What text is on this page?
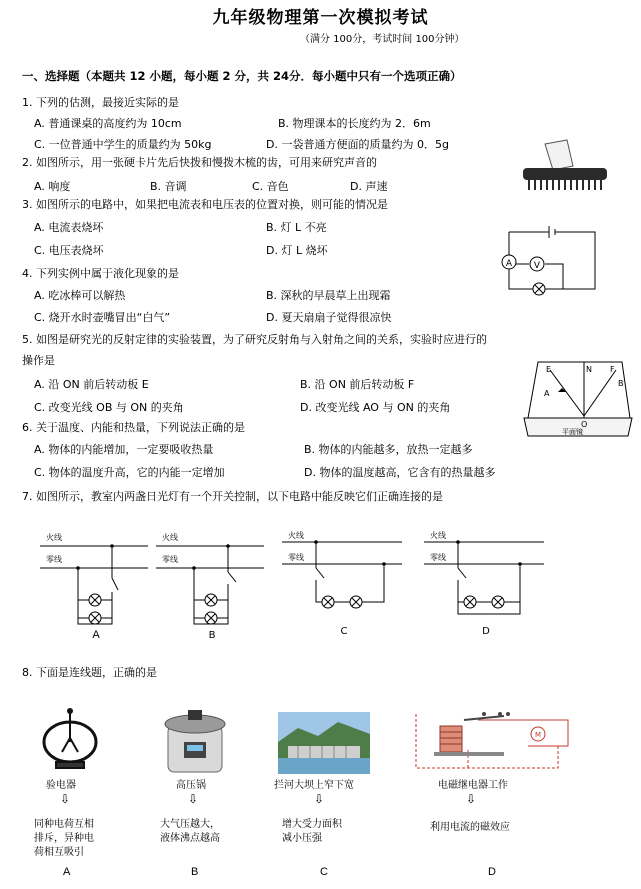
九年级物理第一次模拟考试
（满分 100分，考试时间 100分钟）
一、选择题（本题共 12 小题，每小题 2 分，共 24分．每小题中只有一个选项正确）
1. 下列的估测，最接近实际的是
A. 普通课桌的高度约为 10cm	B. 物理课本的长度约为 2．6m
C. 一位普通中学生的质量约为 50kg	D. 一袋普通方便面的质量约为 0．5g
2. 如图所示，用一张硬卡片先后快拨和慢拨木梳的齿，可用来研究声音的
A. 响度	B. 音调	C. 音色	D. 声速
3. 如图所示的电路中，如果把电流表和电压表的位置对换，则可能的情况是
A. 电流表烧坏	B. 灯 L 不亮
C. 电压表烧坏	D. 灯 L 烧坏
A V
4. 下列实例中属于液化现象的是
A. 吃冰棒可以解热	B. 深秋的早晨草上出现霜
C. 烧开水时壶嘴冒出“白气”	D. 夏天扇扇子觉得很凉快
5. 如图是研究光的反射定律的实验装置，为了研究反射角与入射角之间的关系，实验时应进行的
操作是
A. 沿 ON 前后转动板 E	B. 沿 ON 前后转动板 F
C. 改变光线 OB 与 ON 的夹角	D. 改变光线 AO 与 ON 的夹角
E	N F
A
B
O
平面镜
6. 关于温度、内能和热量，下列说法正确的是
A. 物体的内能增加，一定要吸收热量	B. 物体的内能越多，放热一定越多
C. 物体的温度升高，它的内能一定增加	D. 物体的温度越高，它含有的热量越多
7. 如图所示，教室内两盏日光灯有一个开关控制，以下电路中能反映它们正确连接的是
火线
零线
A
火线
零线
B
火线
零线
C
火线
零线
D
8. 下面是连线题，正确的是
验电器
⇩
同种电荷互相
排斥，异种电
荷相互吸引
A
高压锅
⇩
大气压越大，
液体沸点越高
B
拦河大坝上窄下宽
⇩
增大受力面积
减小压强
C
M
电磁继电器工作
⇩
利用电流的磁效应
D
